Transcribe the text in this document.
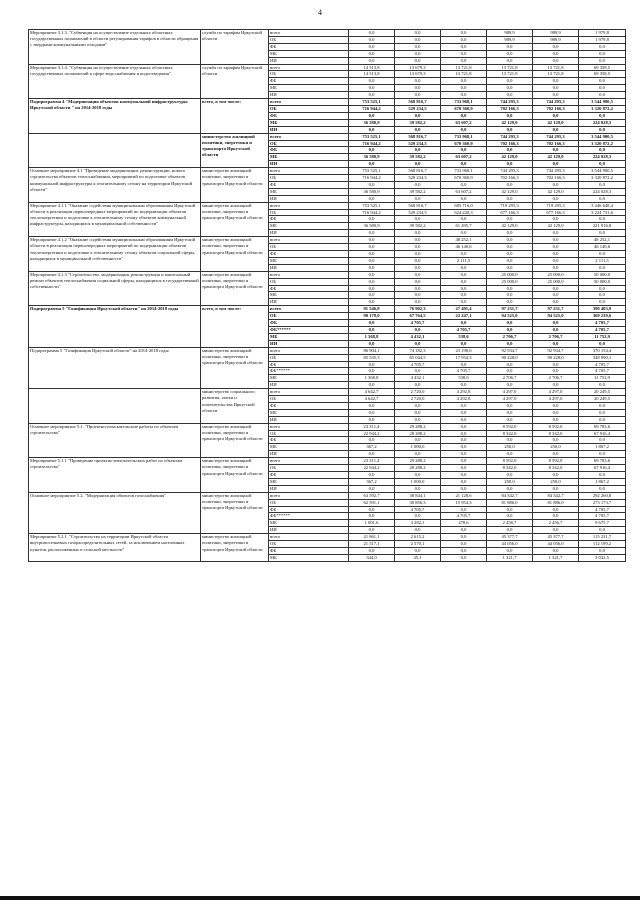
4
Мероприятие 3.1.3. "Субвенция на осуществление отдельных областных государственных полномочий в области регулирования тарифов в области обращения с твердыми коммунальными отходами"	служба по тарифам Иркутской области	всего	0,0	0,0	0,0	989,9	989,9	1 979,8
		ОБ	0,0	0,0	0,0	989,9	989,9	1 979,8
		ФБ	0,0	0,0	0,0	0,0	0,0	0,0
		МБ	0,0	0,0	0,0	0,0	0,0	0,0
		ИИ	0,0	0,0	0,0	0,0	0,0	0,0
Мероприятие 3.1.4. "Субвенция на осуществление отдельных областных государственных полномочий в сфере водоснабжения и водоотведения"	служба по тарифам Иркутской области	всего	14 513,8	13 679,3	13 721,8	13 721,8	13 721,8	69 358,5
		ОБ	14 513,8	13 679,3	13 721,8	13 721,8	13 721,8	69 358,5
		ФБ	0,0	0,0	0,0	0,0	0,0	0,0
		МБ	0,0	0,0	0,0	0,0	0,0	0,0
		ИИ	0,0	0,0	0,0	0,0	0,0	0,0
Подпрограмма 4 "Модернизация объектов коммунальной инфраструктуры Иркутской области " на 2014-2018 годы	всего, в том числе:	всего	753 525,1	568 816,7	733 968,1	744 295,3	744 295,3	3 544 900,5
		ОБ	716 944,2	529 234,5	670 360,9	702 166,3	702 166,3	3 320 872,2
		ФБ	0,0	0,0	0,0	0,0	0,0	0,0
		МБ	36 580,9	39 582,2	63 607,2	42 129,0	42 129,0	224 028,3
		ИИ	0,0	0,0	0,0	0,0	0,0	0,0
	министерство жилищной политики, энергетики и транспорта Иркутской области	всего	753 525,1	568 816,7	733 968,1	744 295,3	744 295,3	3 544 900,5
		ОБ	716 944,2	529 234,5	670 360,9	702 166,3	702 166,3	3 320 872,2
		ФБ	0,0	0,0	0,0	0,0	0,0	0,0
		МБ	36 580,9	39 582,2	63 607,2	42 129,0	42 129,0	224 028,3
		ИИ	0,0	0,0	0,0	0,0	0,0	0,0
Основное мероприятие 4.1 "Проведение модернизации, реконструкции, нового строительства объектов теплоснабжения, мероприятий по подготовке объектов коммунальной инфраструктуры к отопительному сезону на территории Иркутской области"	министерство жилищной политики, энергетики и транспорта Иркутской области	всего	753 525,1	568 816,7	733 968,1	744 295,3	744 295,3	3 544 900,5
		ОБ	716 944,2	529 234,5	670 360,9	702 166,3	702 166,3	3 320 872,2
		ФБ	0,0	0,0	0,0	0,0	0,0	0,0
		МБ	36 580,9	39 582,2	63 607,2	42 129,0	42 129,0	224 028,3
		ИИ	0,0	0,0	0,0	0,0	0,0	0,0
Мероприятие 4.1.1 "Оказание содействия муниципальным образованиям Иркутской области в реализации первоочередных мероприятий по модернизации объектов теплоэнергетики и подготовке к отопительному сезону объектов коммунальной инфраструктуры, находящихся в муниципальной собственности"	министерство жилищной политики, энергетики и транспорта Иркутской области	всего	753 525,1	568 816,7	685 716,0	719 295,3	719 295,3	3 446 648,4
		ОБ	716 944,2	529 234,5	624 220,3	677 166,3	677 166,3	3 224 731,6
		ФБ	0,0	0,0	0,0	0,0	0,0	0,0
		МБ	36 580,9	39 582,2	61 495,7	42 129,0	42 129,0	221 916,8
		ИИ	0,0	0,0	0,0	0,0	0,0	0,0
Мероприятие 4.1.2 "Оказание содействия муниципальным образованиям Иркутской области в реализации первоочередных мероприятий по модернизации объектов теплоэнергетики и подготовке к отопительному сезону объектов социальной сферы, находящихся в муниципальной собственности"	министерство жилищной политики, энергетики и транспорта Иркутской области	всего	0,0	0,0	48 252,1	0,0	0,0	48 252,1
		ОБ	0,0	0,0	46 140,6	0,0	0,0	46 140,6
		ФБ	0,0	0,0	0,0	0,0	0,0	0,0
		МБ	0,0	0,0	2 111,5	0,0	0,0	2 111,5
		ИИ	0,0	0,0	0,0	0,0	0,0	0,0
Мероприятие 4.1.3 "Строительство, модернизация, реконструкция и капитальный ремонт объектов теплоснабжения социальной сферы, находящихся в государственной собственности"	министерство жилищной политики, энергетики и транспорта Иркутской области	всего	0,0	0,0	0,0	25 000,0	25 000,0	50 000,0
		ОБ	0,0	0,0	0,0	25 000,0	25 000,0	50 000,0
		ФБ	0,0	0,0	0,0	0,0	0,0	0,0
		МБ	0,0	0,0	0,0	0,0	0,0	0,0
		ИИ	0,0	0,0	0,0	0,0	0,0	0,0
Подпрограмма 5 "Газификация Иркутской области" на 2014-2018 годы	всего, в том числе:	всего	91 546,8	76 902,3	27 491,4	97 231,7	97 231,7	390 403,9
		ОБ	90 178,0	67 764,5	22 247,1	94 525,0	94 525,0	369 239,6
		ФБ	0,0	4 705,7	0,0	0,0	0,0	4 705,7
		ФБ******	0,0	0,0	4 705,7	0,0	0,0	4 705,7
		МБ	1 368,8	4 432,1	538,6	2 706,7	2 706,7	11 752,9
		ИИ	0,0	0,0	0,0	0,0	0,0	0,0
Подпрограмма 5 "Газификация Иркутской области" на 2014-2018 годы	министерство жилищной политики, энергетики и транспорта Иркутской области	всего	86 904,1	74 182,3	23 198,6	92 934,7	92 934,7	370 154,4
		ОБ	85 535,3	65 044,5	17 954,3	90 228,0	90 228,0	348 990,1
		ФБ	0,0	4 705,7	0,0	0,0	0,0	4 705,7
		ФБ******	0,0	0,0	4 705,7	0,0	0,0	4 705,7
		МБ	1 368,8	4 432,1	538,6	2 706,7	2 706,7	11 752,9
		ИИ	0,0	0,0	0,0	0,0	0,0	0,0
	министерство социального развития, опеки и попечительства Иркутской области	всего	4 642,7	2 720,0	4 292,8	4 297,0	4 297,0	20 249,5
		ОБ	4 642,7	2 720,0	4 292,8	4 297,0	4 297,0	20 249,5
		ФБ	0,0	0,0	0,0	0,0	0,0	0,0
		МБ	0,0	0,0	0,0	0,0	0,0	0,0
		ИИ	0,0	0,0	0,0	0,0	0,0	0,0
Основное мероприятие 5.1. "Проектно-изыскательские работы по объектам строительства"	министерство жилищной политики, энергетики и транспорта Иркутской области	всего	23 311,4	29 288,2	0,0	8 592,0	8 592,0	69 783,6
		ОБ	22 944,2	28 288,2	0,0	8 342,0	8 342,0	67 916,4
		ФБ	0,0	0,0	0,0	0,0	0,0	0,0
		МБ	367,2	1 000,0	0,0	250,0	250,0	1 867,2
		ИИ	0,0	0,0	0,0	0,0	0,0	0,0
Мероприятие 5.1.1 "Проведение проектно-изыскательских работ по объектам строительства"	министерство жилищной политики, энергетики и транспорта Иркутской области	всего	23 311,4	29 288,2	0,0	8 592,0	8 592,0	69 783,6
		ОБ	22 944,2	28 288,2	0,0	8 342,0	8 342,0	67 916,4
		ФБ	0,0	0,0	0,0	0,0	0,0	0,0
		МБ	367,2	1 000,0	0,0	250,0	250,0	1 867,2
		ИИ	0,0	0,0	0,0	0,0	0,0	0,0
Основное мероприятие 5.2. "Модернизация объектов газоснабжения"	министерство жилищной политики, энергетики и транспорта Иркутской области	всего	63 592,7	38 844,1	21 128,6	84 342,7	84 342,7	292 260,8
		ОБ	62 591,1	30 856,3	15 954,3	81 886,0	81 886,0	273 173,7
		ФБ	0,0	4 705,7	0,0	0,0	0,0	4 705,7
		ФБ******	0,0	0,0	4 705,7	0,0	0,0	4 705,7
		МБ	1 001,6	3 282,1	478,6	2 456,7	2 456,7	9 675,7
		ИИ	0,0	0,0	0,0	0,0	0,0	0,0
Мероприятие 5.2.1. "Строительство на территории Иркутской области внутрипоселковых газораспределительных сетей, за исключением населенных пунктов, расположенных в сельской местности"	министерство жилищной политики, энергетики и транспорта Иркутской области	всего	21 861,1	2 615,2	0,0	45 377,7	45 377,7	115 231,7
		ОБ	21 517,1	2 570,1	0,0	44 056,0	44 056,0	112 199,2
		ФБ	0,0	0,0	0,0	0,0	0,0	0,0
		МБ	344,0	45,1	0,0	1 321,7	1 321,7	3 032,5
